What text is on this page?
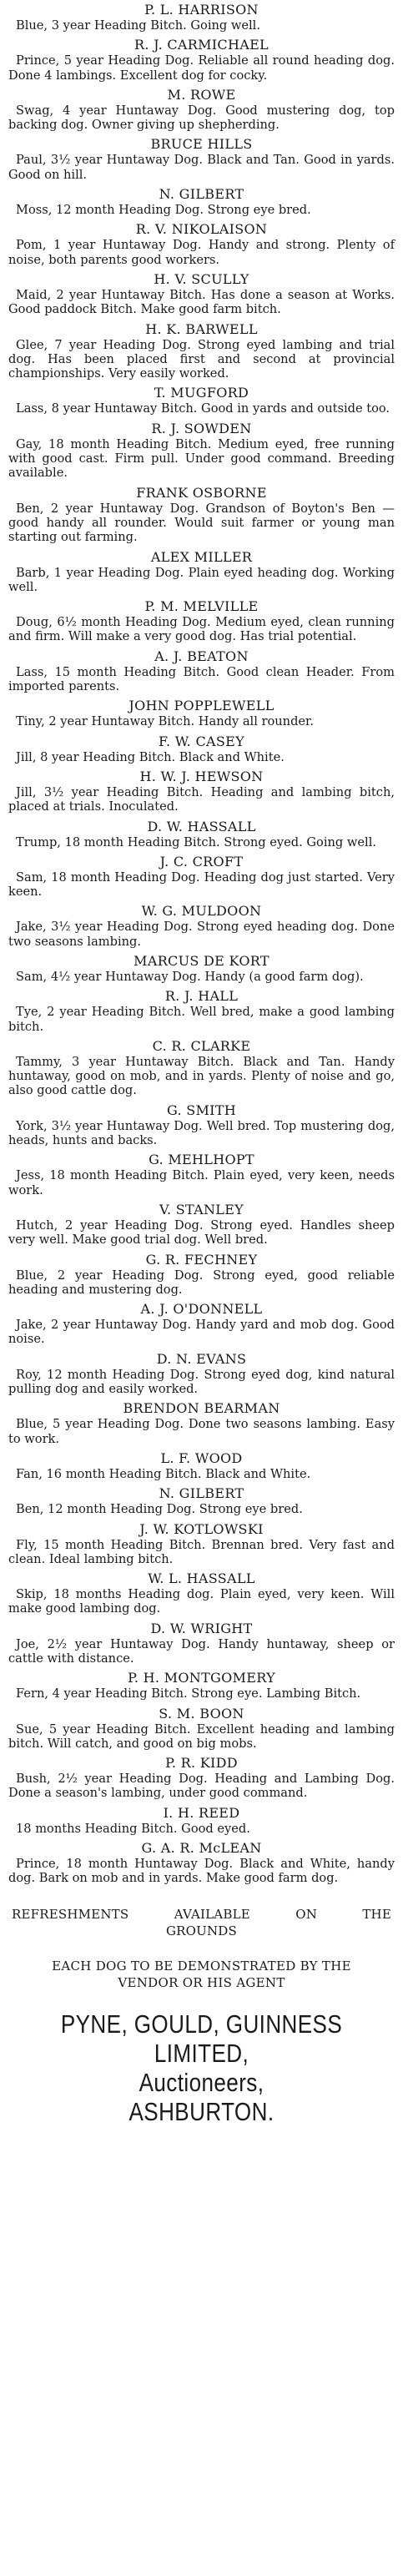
P. L. HARRISON
Blue, 3 year Heading Bitch. Going well.
R. J. CARMICHAEL
Prince, 5 year Heading Dog. Reliable all round heading dog. Done 4 lambings. Excellent dog for cocky.
M. ROWE
Swag, 4 year Huntaway Dog. Good mustering dog, top backing dog. Owner giving up shepherding.
BRUCE HILLS
Paul, 3½ year Huntaway Dog. Black and Tan. Good in yards. Good on hill.
N. GILBERT
Moss, 12 month Heading Dog. Strong eye bred.
R. V. NIKOLAISON
Pom, 1 year Huntaway Dog. Handy and strong. Plenty of noise, both parents good workers.
H. V. SCULLY
Maid, 2 year Huntaway Bitch. Has done a season at Works. Good paddock Bitch. Make good farm bitch.
H. K. BARWELL
Glee, 7 year Heading Dog. Strong eyed lambing and trial dog. Has been placed first and second at provincial championships. Very easily worked.
T. MUGFORD
Lass, 8 year Huntaway Bitch. Good in yards and outside too.
R. J. SOWDEN
Gay, 18 month Heading Bitch. Medium eyed, free running with good cast. Firm pull. Under good command. Breeding available.
FRANK OSBORNE
Ben, 2 year Huntaway Dog. Grandson of Boyton's Ben — good handy all rounder. Would suit farmer or young man starting out farming.
ALEX MILLER
Barb, 1 year Heading Dog. Plain eyed heading dog. Working well.
P. M. MELVILLE
Doug, 6½ month Heading Dog. Medium eyed, clean running and firm. Will make a very good dog. Has trial potential.
A. J. BEATON
Lass, 15 month Heading Bitch. Good clean Header. From imported parents.
JOHN POPPLEWELL
Tiny, 2 year Huntaway Bitch. Handy all rounder.
F. W. CASEY
Jill, 8 year Heading Bitch. Black and White.
H. W. J. HEWSON
Jill, 3½ year Heading Bitch. Heading and lambing bitch, placed at trials. Inoculated.
D. W. HASSALL
Trump, 18 month Heading Bitch. Strong eyed. Going well.
J. C. CROFT
Sam, 18 month Heading Dog. Heading dog just started. Very keen.
W. G. MULDOON
Jake, 3½ year Heading Dog. Strong eyed heading dog. Done two seasons lambing.
MARCUS DE KORT
Sam, 4½ year Huntaway Dog. Handy (a good farm dog).
R. J. HALL
Tye, 2 year Heading Bitch. Well bred, make a good lambing bitch.
C. R. CLARKE
Tammy, 3 year Huntaway Bitch. Black and Tan. Handy huntaway, good on mob, and in yards. Plenty of noise and go, also good cattle dog.
G. SMITH
York, 3½ year Huntaway Dog. Well bred. Top mustering dog, heads, hunts and backs.
G. MEHLHOPT
Jess, 18 month Heading Bitch. Plain eyed, very keen, needs work.
V. STANLEY
Hutch, 2 year Heading Dog. Strong eyed. Handles sheep very well. Make good trial dog. Well bred.
G. R. FECHNEY
Blue, 2 year Heading Dog. Strong eyed, good reliable heading and mustering dog.
A. J. O'DONNELL
Jake, 2 year Huntaway Dog. Handy yard and mob dog. Good noise.
D. N. EVANS
Roy, 12 month Heading Dog. Strong eyed dog, kind natural pulling dog and easily worked.
BRENDON BEARMAN
Blue, 5 year Heading Dog. Done two seasons lambing. Easy to work.
L. F. WOOD
Fan, 16 month Heading Bitch. Black and White.
N. GILBERT
Ben, 12 month Heading Dog. Strong eye bred.
J. W. KOTLOWSKI
Fly, 15 month Heading Bitch. Brennan bred. Very fast and clean. Ideal lambing bitch.
W. L. HASSALL
Skip, 18 months Heading dog. Plain eyed, very keen. Will make good lambing dog.
D. W. WRIGHT
Joe, 2½ year Huntaway Dog. Handy huntaway, sheep or cattle with distance.
P. H. MONTGOMERY
Fern, 4 year Heading Bitch. Strong eye. Lambing Bitch.
S. M. BOON
Sue, 5 year Heading Bitch. Excellent heading and lambing bitch. Will catch, and good on big mobs.
P. R. KIDD
Bush, 2½ year Heading Dog. Heading and Lambing Dog. Done a season's lambing, under good command.
I. H. REED
18 months Heading Bitch. Good eyed.
G. A. R. McLEAN
Prince, 18 month Huntaway Dog. Black and White, handy dog. Bark on mob and in yards. Make good farm dog.
REFRESHMENTS AVAILABLE ON THE
GROUNDS
EACH DOG TO BE DEMONSTRATED BY THE
VENDOR OR HIS AGENT
PYNE, GOULD, GUINNESS
LIMITED,
Auctioneers,
ASHBURTON.
